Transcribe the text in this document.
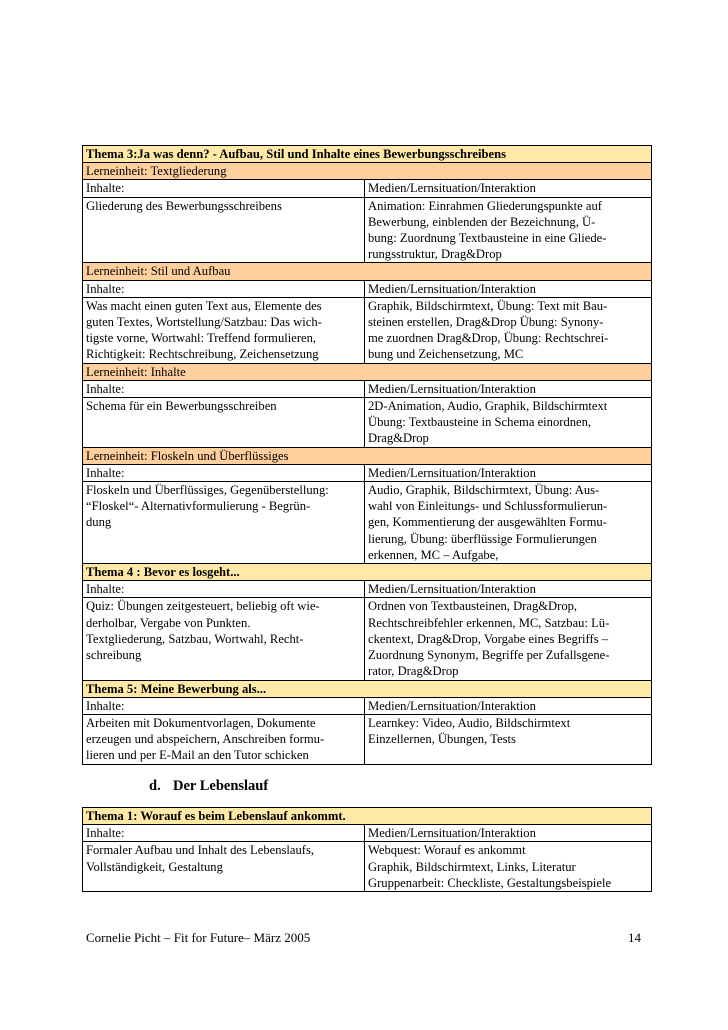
Thema 3:Ja was denn? - Aufbau, Stil und Inhalte eines Bewerbungsschreibens	
Lerneinheit: Textgliederung	
Inhalte:	Medien/Lernsituation/Interaktion

Gliederung des Bewerbungsschreibens	Animation: Einrahmen Gliederungspunkte auf
Bewerbung, einblenden der Bezeichnung, Ü-
bung: Zuordnung Textbausteine in eine Gliede-
rungsstruktur, Drag&Drop

Lerneinheit: Stil und Aufbau	
Inhalte:	Medien/Lernsituation/Interaktion

Was macht einen guten Text aus, Elemente des
guten Textes, Wortstellung/Satzbau: Das wich-
tigste vorne, Wortwahl: Treffend formulieren,
Richtigkeit: Rechtschreibung, Zeichensetzung	Graphik, Bildschirmtext, Übung: Text mit Bau-
steinen erstellen, Drag&Drop Übung: Synony-
me zuordnen Drag&Drop, Übung: Rechtschrei-
bung und Zeichensetzung, MC

Lerneinheit: Inhalte	
Inhalte:	Medien/Lernsituation/Interaktion

Schema für ein Bewerbungsschreiben	2D-Animation, Audio, Graphik, Bildschirmtext
Übung: Textbausteine in Schema einordnen,
Drag&Drop

Lerneinheit: Floskeln und Überflüssiges	
Inhalte:	Medien/Lernsituation/Interaktion

Floskeln und Überflüssiges, Gegenüberstellung:
“Floskel“- Alternativformulierung - Begrün-
dung	Audio, Graphik, Bildschirmtext, Übung: Aus-
wahl von Einleitungs- und Schlussformulierun-
gen, Kommentierung der ausgewählten Formu-
lierung, Übung: überflüssige Formulierungen
erkennen, MC – Aufgabe,

Thema 4 : Bevor es losgeht...	
Inhalte:	Medien/Lernsituation/Interaktion

Quiz: Übungen zeitgesteuert, beliebig oft wie-
derholbar, Vergabe von Punkten.
Textgliederung, Satzbau, Wortwahl, Recht-
schreibung	Ordnen von Textbausteinen, Drag&Drop,
Rechtschreibfehler erkennen, MC, Satzbau: Lü-
ckentext, Drag&Drop, Vorgabe eines Begriffs –
Zuordnung Synonym, Begriffe per Zufallsgene-
rator, Drag&Drop

Thema 5: Meine Bewerbung als...	
Inhalte:	Medien/Lernsituation/Interaktion

Arbeiten mit Dokumentvorlagen, Dokumente
erzeugen und abspeichern, Anschreiben formu-
lieren und per E-Mail an den Tutor schicken	Learnkey: Video, Audio, Bildschirmtext
Einzellernen, Übungen, Tests
d. Der Lebenslauf
Thema 1: Worauf es beim Lebenslauf ankommt.	
Inhalte:	Medien/Lernsituation/Interaktion

Formaler Aufbau und Inhalt des Lebenslaufs,
Vollständigkeit, Gestaltung	Webquest: Worauf es ankommt
Graphik, Bildschirmtext, Links, Literatur
Gruppenarbeit: Checkliste, Gestaltungsbeispiele
Cornelie Picht – Fit for Future– März 2005	14
